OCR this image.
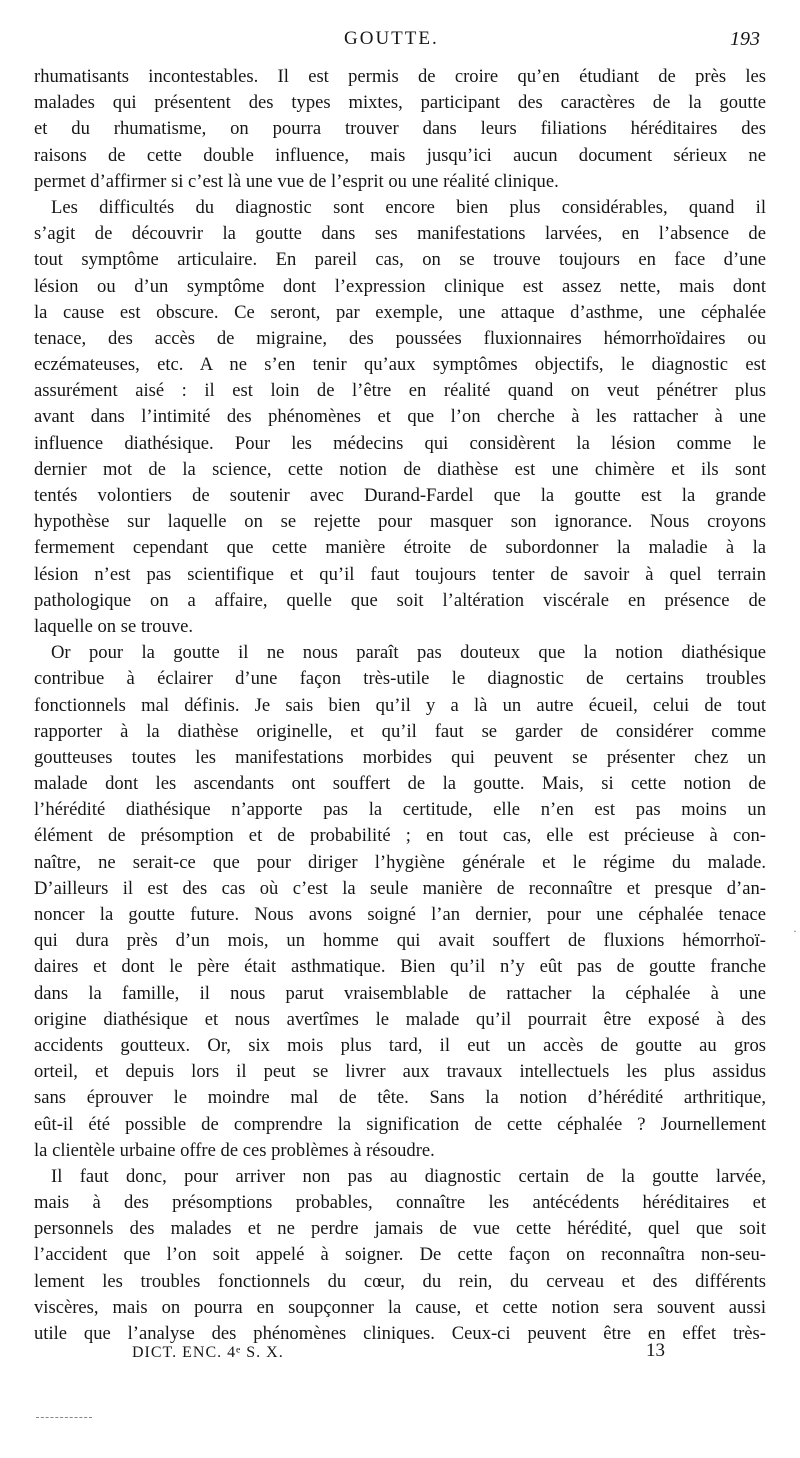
GOUTTE.	193
rhumatisants incontestables. Il est permis de croire qu’en étudiant de près les
malades qui présentent des types mixtes, participant des caractères de la goutte
et du rhumatisme, on pourra trouver dans leurs filiations héréditaires des
raisons de cette double influence, mais jusqu’ici aucun document sérieux ne
permet d’affirmer si c’est là une vue de l’esprit ou une réalité clinique.
Les difficultés du diagnostic sont encore bien plus considérables, quand il
s’agit de découvrir la goutte dans ses manifestations larvées, en l’absence de
tout symptôme articulaire. En pareil cas, on se trouve toujours en face d’une
lésion ou d’un symptôme dont l’expression clinique est assez nette, mais dont
la cause est obscure. Ce seront, par exemple, une attaque d’asthme, une céphalée
tenace, des accès de migraine, des poussées fluxionnaires hémorrhoïdaires ou
eczémateuses, etc. A ne s’en tenir qu’aux symptômes objectifs, le diagnostic est
assurément aisé : il est loin de l’être en réalité quand on veut pénétrer plus
avant dans l’intimité des phénomènes et que l’on cherche à les rattacher à une
influence diathésique. Pour les médecins qui considèrent la lésion comme le
dernier mot de la science, cette notion de diathèse est une chimère et ils sont
tentés volontiers de soutenir avec Durand-Fardel que la goutte est la grande
hypothèse sur laquelle on se rejette pour masquer son ignorance. Nous croyons
fermement cependant que cette manière étroite de subordonner la maladie à la
lésion n’est pas scientifique et qu’il faut toujours tenter de savoir à quel terrain
pathologique on a affaire, quelle que soit l’altération viscérale en présence de
laquelle on se trouve.
Or pour la goutte il ne nous paraît pas douteux que la notion diathésique
contribue à éclairer d’une façon très-utile le diagnostic de certains troubles
fonctionnels mal définis. Je sais bien qu’il y a là un autre écueil, celui de tout
rapporter à la diathèse originelle, et qu’il faut se garder de considérer comme
goutteuses toutes les manifestations morbides qui peuvent se présenter chez un
malade dont les ascendants ont souffert de la goutte. Mais, si cette notion de
l’hérédité diathésique n’apporte pas la certitude, elle n’en est pas moins un
élément de présomption et de probabilité ; en tout cas, elle est précieuse à con-
naître, ne serait-ce que pour diriger l’hygiène générale et le régime du malade.
D’ailleurs il est des cas où c’est la seule manière de reconnaître et presque d’an-
noncer la goutte future. Nous avons soigné l’an dernier, pour une céphalée tenace
qui dura près d’un mois, un homme qui avait souffert de fluxions hémorrhoï-
daires et dont le père était asthmatique. Bien qu’il n’y eût pas de goutte franche
dans la famille, il nous parut vraisemblable de rattacher la céphalée à une
origine diathésique et nous avertîmes le malade qu’il pourrait être exposé à des
accidents goutteux. Or, six mois plus tard, il eut un accès de goutte au gros
orteil, et depuis lors il peut se livrer aux travaux intellectuels les plus assidus
sans éprouver le moindre mal de tête. Sans la notion d’hérédité arthritique,
eût-il été possible de comprendre la signification de cette céphalée ? Journellement
la clientèle urbaine offre de ces problèmes à résoudre.
Il faut donc, pour arriver non pas au diagnostic certain de la goutte larvée,
mais à des présomptions probables, connaître les antécédents héréditaires et
personnels des malades et ne perdre jamais de vue cette hérédité, quel que soit
l’accident que l’on soit appelé à soigner. De cette façon on reconnaîtra non-seu-
lement les troubles fonctionnels du cœur, du rein, du cerveau et des différents
viscères, mais on pourra en soupçonner la cause, et cette notion sera souvent aussi
utile que l’analyse des phénomènes cliniques. Ceux-ci peuvent être en effet très-
DICT. ENC. 4ᵉ S. X.	13
·
